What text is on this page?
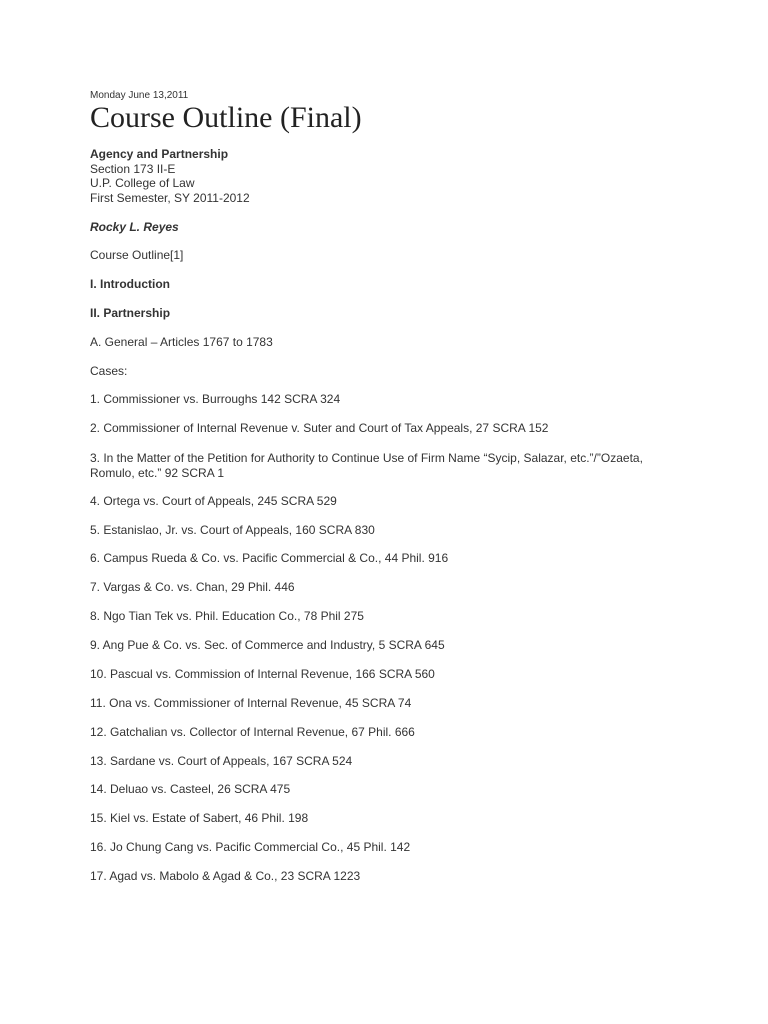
Monday June 13,2011
Course Outline (Final)
Agency and Partnership
Section 173 II-E
U.P. College of Law
First Semester, SY 2011-2012
Rocky L. Reyes
Course Outline[1]
I. Introduction
II. Partnership
A. General – Articles 1767 to 1783
Cases:
1. Commissioner vs. Burroughs 142 SCRA 324
2. Commissioner of Internal Revenue v. Suter and Court of Tax Appeals, 27 SCRA 152
3. In the Matter of the Petition for Authority to Continue Use of Firm Name “Sycip, Salazar, etc.”/”Ozaeta, Romulo, etc.” 92 SCRA 1
4. Ortega vs. Court of Appeals, 245 SCRA 529
5. Estanislao, Jr. vs. Court of Appeals, 160 SCRA 830
6. Campus Rueda & Co. vs. Pacific Commercial & Co., 44 Phil. 916
7. Vargas & Co. vs. Chan, 29 Phil. 446
8. Ngo Tian Tek vs. Phil. Education Co., 78 Phil 275
9. Ang Pue & Co. vs. Sec. of Commerce and Industry, 5 SCRA 645
10. Pascual vs. Commission of Internal Revenue, 166 SCRA 560
11. Ona vs. Commissioner of Internal Revenue, 45 SCRA 74
12. Gatchalian vs. Collector of Internal Revenue, 67 Phil. 666
13. Sardane vs. Court of Appeals, 167 SCRA 524
14. Deluao vs. Casteel, 26 SCRA 475
15. Kiel vs. Estate of Sabert, 46 Phil. 198
16. Jo Chung Cang vs. Pacific Commercial Co., 45 Phil. 142
17. Agad vs. Mabolo & Agad & Co., 23 SCRA 1223
